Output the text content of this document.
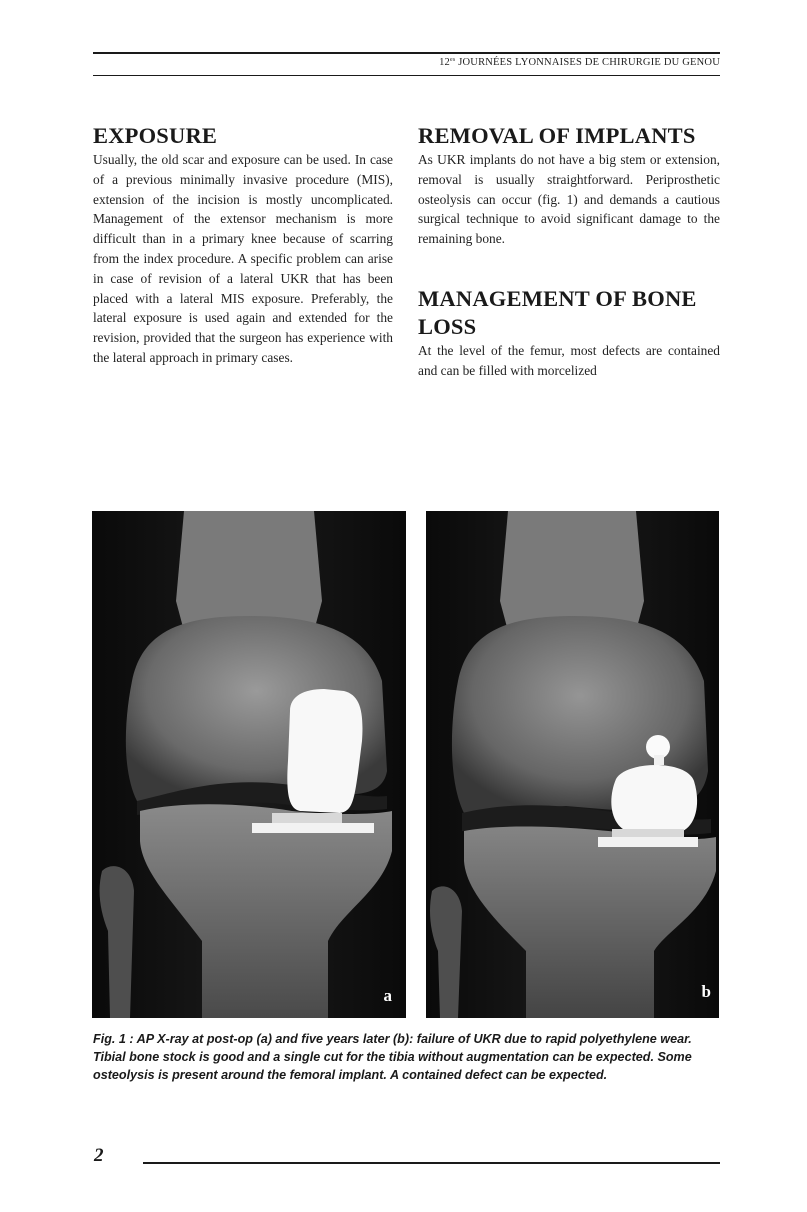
$12^{es}$ JOURNÉES LYONNAISES DE CHIRURGIE DU GENOU
EXPOSURE

Usually, the old scar and exposure can be used. In case of a previous minimally invasive procedure (MIS), extension of the incision is mostly uncomplicated. Management of the extensor mechanism is more difficult than in a primary knee because of scarring from the index procedure. A specific problem can arise in case of revision of a lateral UKR that has been placed with a lateral MIS exposure. Preferably, the lateral exposure is used again and extended for the revision, provided that the surgeon has experience with the lateral approach in primary cases.

REMOVAL OF IMPLANTS

As UKR implants do not have a big stem or extension, removal is usually straightforward. Periprosthetic osteolysis can occur (fig. 1) and demands a cautious surgical technique to avoid significant damage to the remaining bone.

MANAGEMENT OF BONE LOSS

At the level of the femur, most defects are contained and can be filled with morcelized

a	b

Fig. 1 : AP X-ray at post-op (a) and five years later (b): failure of UKR due to rapid polyethylene wear. Tibial bone stock is good and a single cut for the tibia without augmentation can be expected. Some osteolysis is present around the femoral implant. A contained defect can be expected.

2
